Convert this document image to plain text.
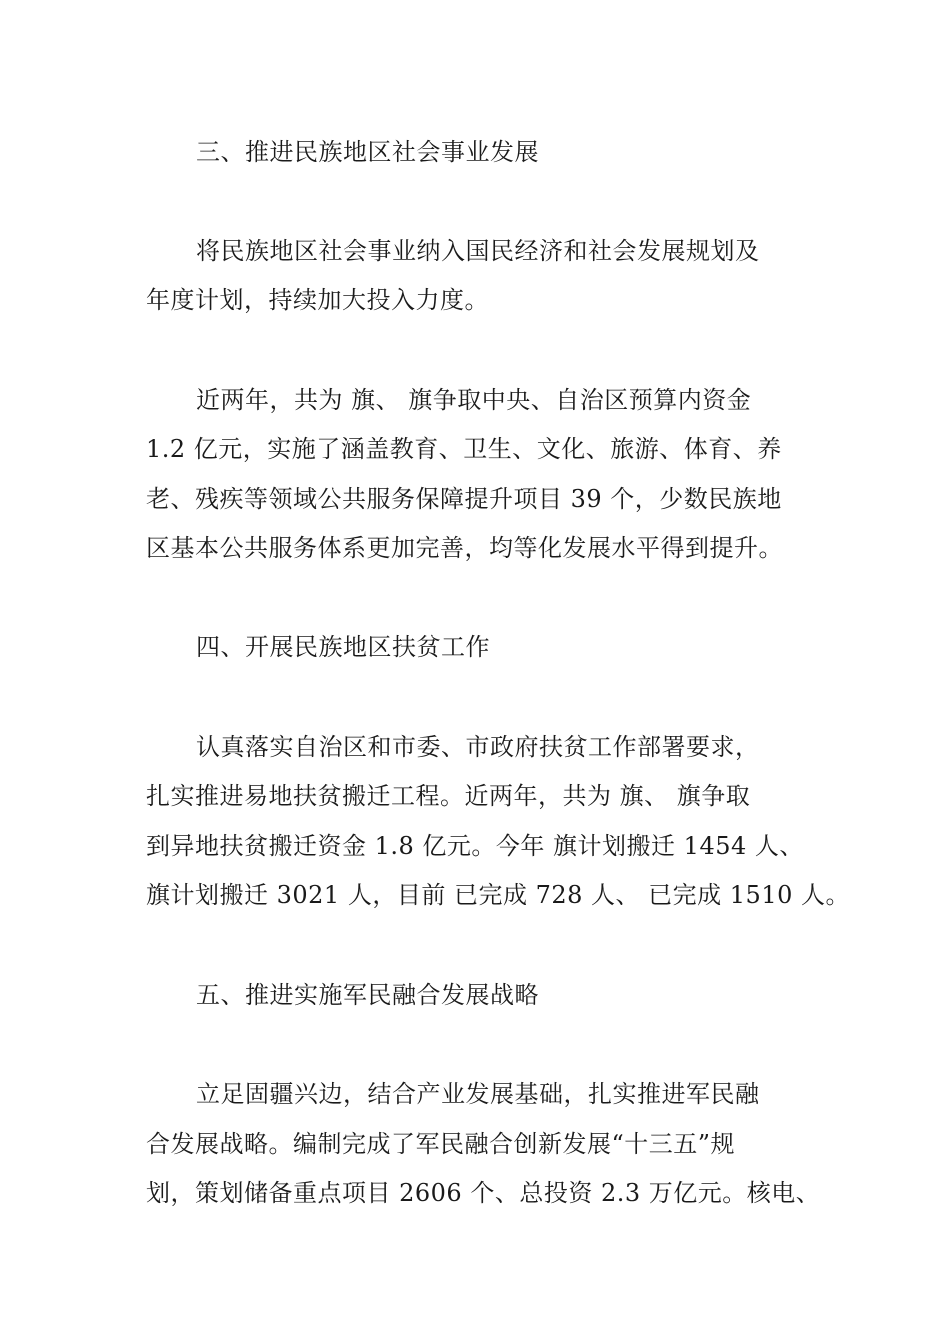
三、推进民族地区社会事业发展
将民族地区社会事业纳入国民经济和社会发展规划及
年度计划，持续加大投入力度。
近两年，共为 旗、 旗争取中央、自治区预算内资金
1.2 亿元，实施了涵盖教育、卫生、文化、旅游、体育、养
老、残疾等领域公共服务保障提升项目 39 个，少数民族地
区基本公共服务体系更加完善，均等化发展水平得到提升。
四、开展民族地区扶贫工作
认真落实自治区和市委、市政府扶贫工作部署要求，
扎实推进易地扶贫搬迁工程。近两年，共为 旗、 旗争取
到异地扶贫搬迁资金 1.8 亿元。今年 旗计划搬迁 1454 人、
旗计划搬迁 3021 人，目前 已完成 728 人、 已完成 1510 人。
五、推进实施军民融合发展战略
立足固疆兴边，结合产业发展基础，扎实推进军民融
合发展战略。编制完成了军民融合创新发展“十三五”规
划，策划储备重点项目 2606 个、总投资 2.3 万亿元。核电、
